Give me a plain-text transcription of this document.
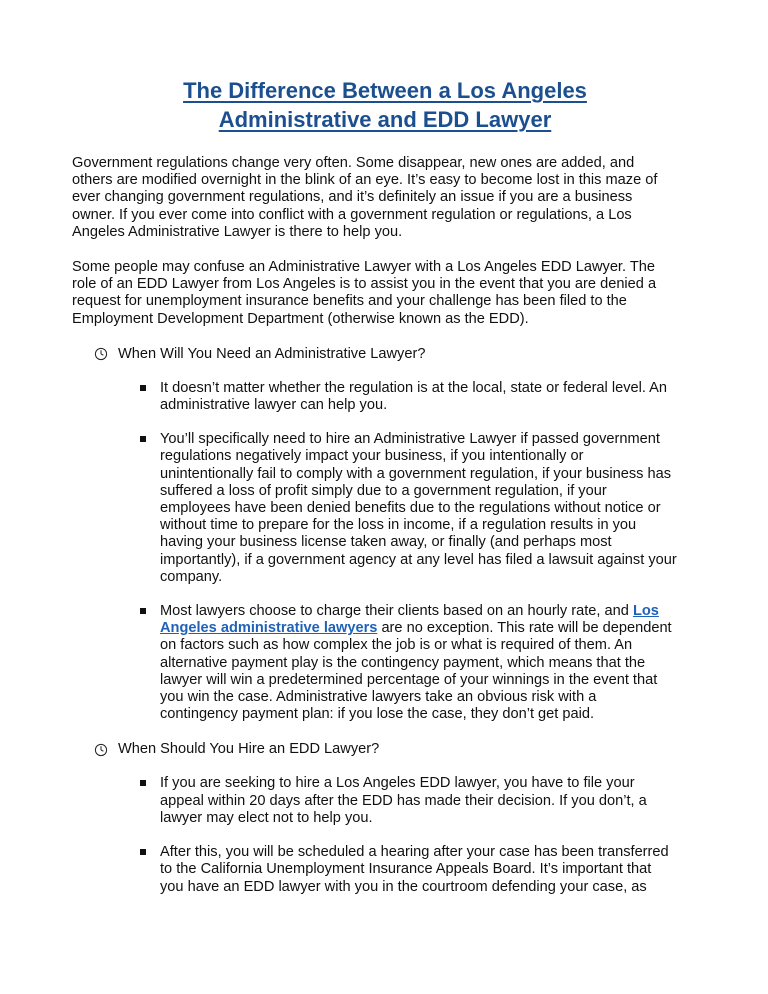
The Difference Between a Los Angeles
Administrative and EDD Lawyer

Government regulations change very often. Some disappear, new ones are added, and
others are modified overnight in the blink of an eye. It’s easy to become lost in this maze of
ever changing government regulations, and it’s definitely an issue if you are a business
owner. If you ever come into conflict with a government regulation or regulations, a Los
Angeles Administrative Lawyer is there to help you.

Some people may confuse an Administrative Lawyer with a Los Angeles EDD Lawyer. The
role of an EDD Lawyer from Los Angeles is to assist you in the event that you are denied a
request for unemployment insurance benefits and your challenge has been filed to the
Employment Development Department (otherwise known as the EDD).

When Will You Need an Administrative Lawyer?
It doesn’t matter whether the regulation is at the local, state or federal level. An
administrative lawyer can help you.
You’ll specifically need to hire an Administrative Lawyer if passed government
regulations negatively impact your business, if you intentionally or
unintentionally fail to comply with a government regulation, if your business has
suffered a loss of profit simply due to a government regulation, if your
employees have been denied benefits due to the regulations without notice or
without time to prepare for the loss in income, if a regulation results in you
having your business license taken away, or finally (and perhaps most
importantly), if a government agency at any level has filed a lawsuit against your
company.
Most lawyers choose to charge their clients based on an hourly rate, and Los
Angeles administrative lawyers are no exception. This rate will be dependent
on factors such as how complex the job is or what is required of them. An
alternative payment play is the contingency payment, which means that the
lawyer will win a predetermined percentage of your winnings in the event that
you win the case. Administrative lawyers take an obvious risk with a
contingency payment plan: if you lose the case, they don’t get paid.
When Should You Hire an EDD Lawyer?
If you are seeking to hire a Los Angeles EDD lawyer, you have to file your
appeal within 20 days after the EDD has made their decision. If you don’t, a
lawyer may elect not to help you.
After this, you will be scheduled a hearing after your case has been transferred
to the California Unemployment Insurance Appeals Board. It’s important that
you have an EDD lawyer with you in the courtroom defending your case, as
